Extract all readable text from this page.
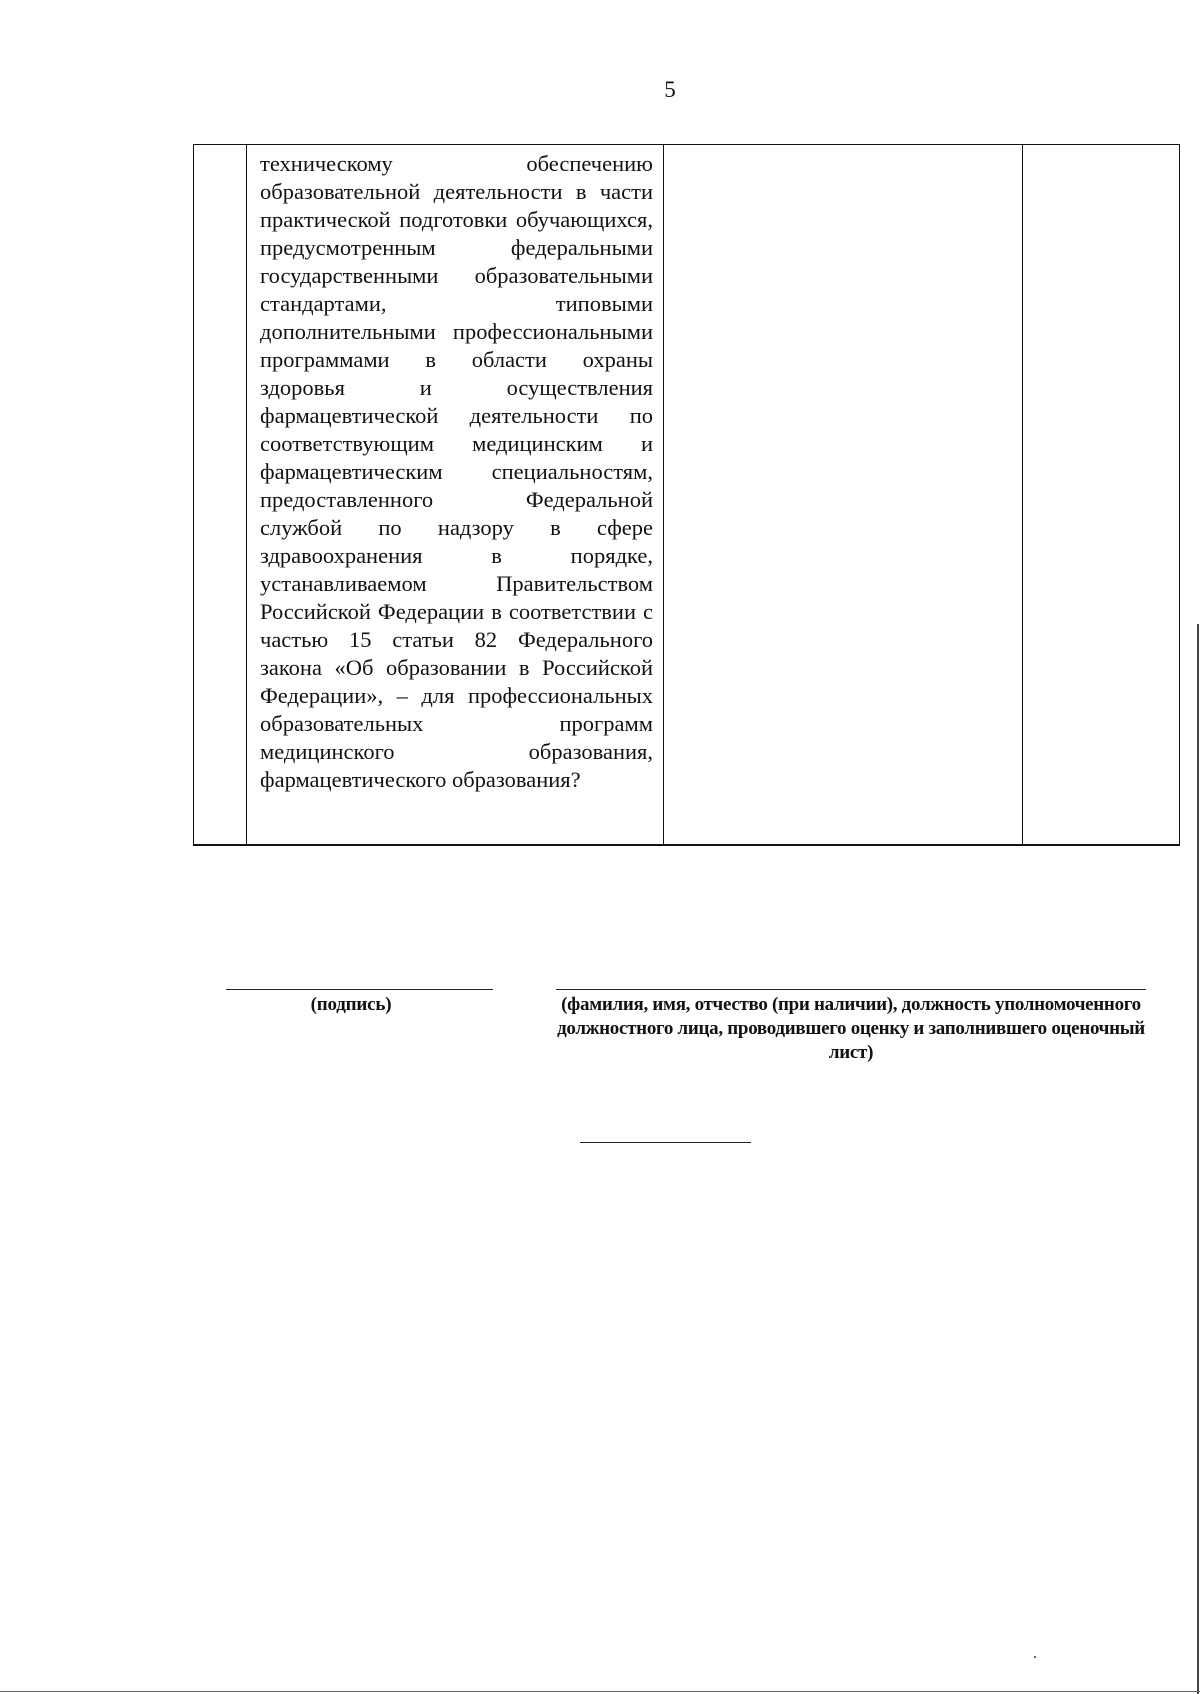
5

техническому обеспечению образовательной деятельности в части практической подготовки обучающихся, предусмотренным федеральными государственными образовательными стандартами, типовыми дополнительными профессиональными программами в области охраны здоровья и осуществления фармацевтической деятельности по соответствующим медицинским и фармацевтическим специальностям, предоставленного Федеральной службой по надзору в сфере здравоохранения в порядке, устанавливаемом Правительством Российской Федерации в соответствии с частью 15 статьи 82 Федерального закона «Об образовании в Российской Федерации», – для профессиональных образовательных программ медицинского образования, фармацевтического образования?

(подпись)	(фамилия, имя, отчество (при наличии), должность уполномоченного должностного лица, проводившего оценку и заполнившего оценочный лист)
